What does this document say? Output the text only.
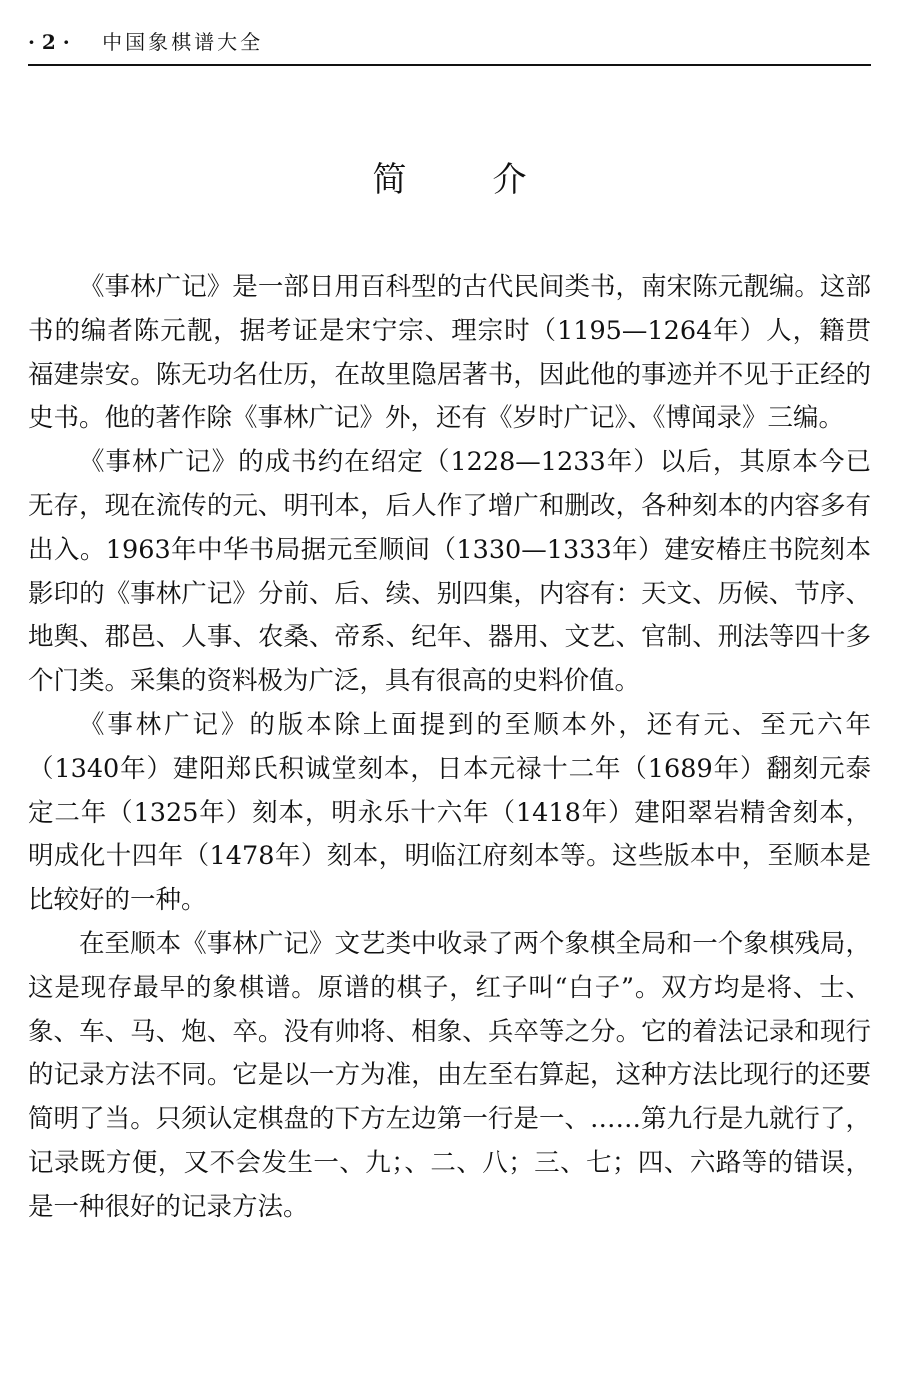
· 2 · 中国象棋谱大全
简介

《事林广记》是一部日用百科型的古代民间类书，南宋陈元靓编。这部书的编者陈元靓，据考证是宋宁宗、理宗时（1195—1264年）人，籍贯福建崇安。陈无功名仕历，在故里隐居著书，因此他的事迹并不见于正经的史书。他的著作除《事林广记》外，还有《岁时广记》、《博闻录》三编。

《事林广记》的成书约在绍定（1228—1233年）以后，其原本今已无存，现在流传的元、明刊本，后人作了增广和删改，各种刻本的内容多有出入。1963年中华书局据元至顺间（1330—1333年）建安椿庄书院刻本影印的《事林广记》分前、后、续、别四集，内容有：天文、历候、节序、地舆、郡邑、人事、农桑、帝系、纪年、器用、文艺、官制、刑法等四十多个门类。采集的资料极为广泛，具有很高的史料价值。

《事林广记》的版本除上面提到的至顺本外，还有元、至元六年（1340年）建阳郑氏积诚堂刻本，日本元禄十二年（1689年）翻刻元泰定二年（1325年）刻本，明永乐十六年（1418年）建阳翠岩精舍刻本，明成化十四年（1478年）刻本，明临江府刻本等。这些版本中，至顺本是比较好的一种。

在至顺本《事林广记》文艺类中收录了两个象棋全局和一个象棋残局，这是现存最早的象棋谱。原谱的棋子，红子叫“白子”。双方均是将、士、象、车、马、炮、卒。没有帅将、相象、兵卒等之分。它的着法记录和现行的记录方法不同。它是以一方为准，由左至右算起，这种方法比现行的还要简明了当。只须认定棋盘的下方左边第一行是一、……第九行是九就行了，记录既方便，又不会发生一、九；、二、八；三、七；四、六路等的错误，是一种很好的记录方法。
